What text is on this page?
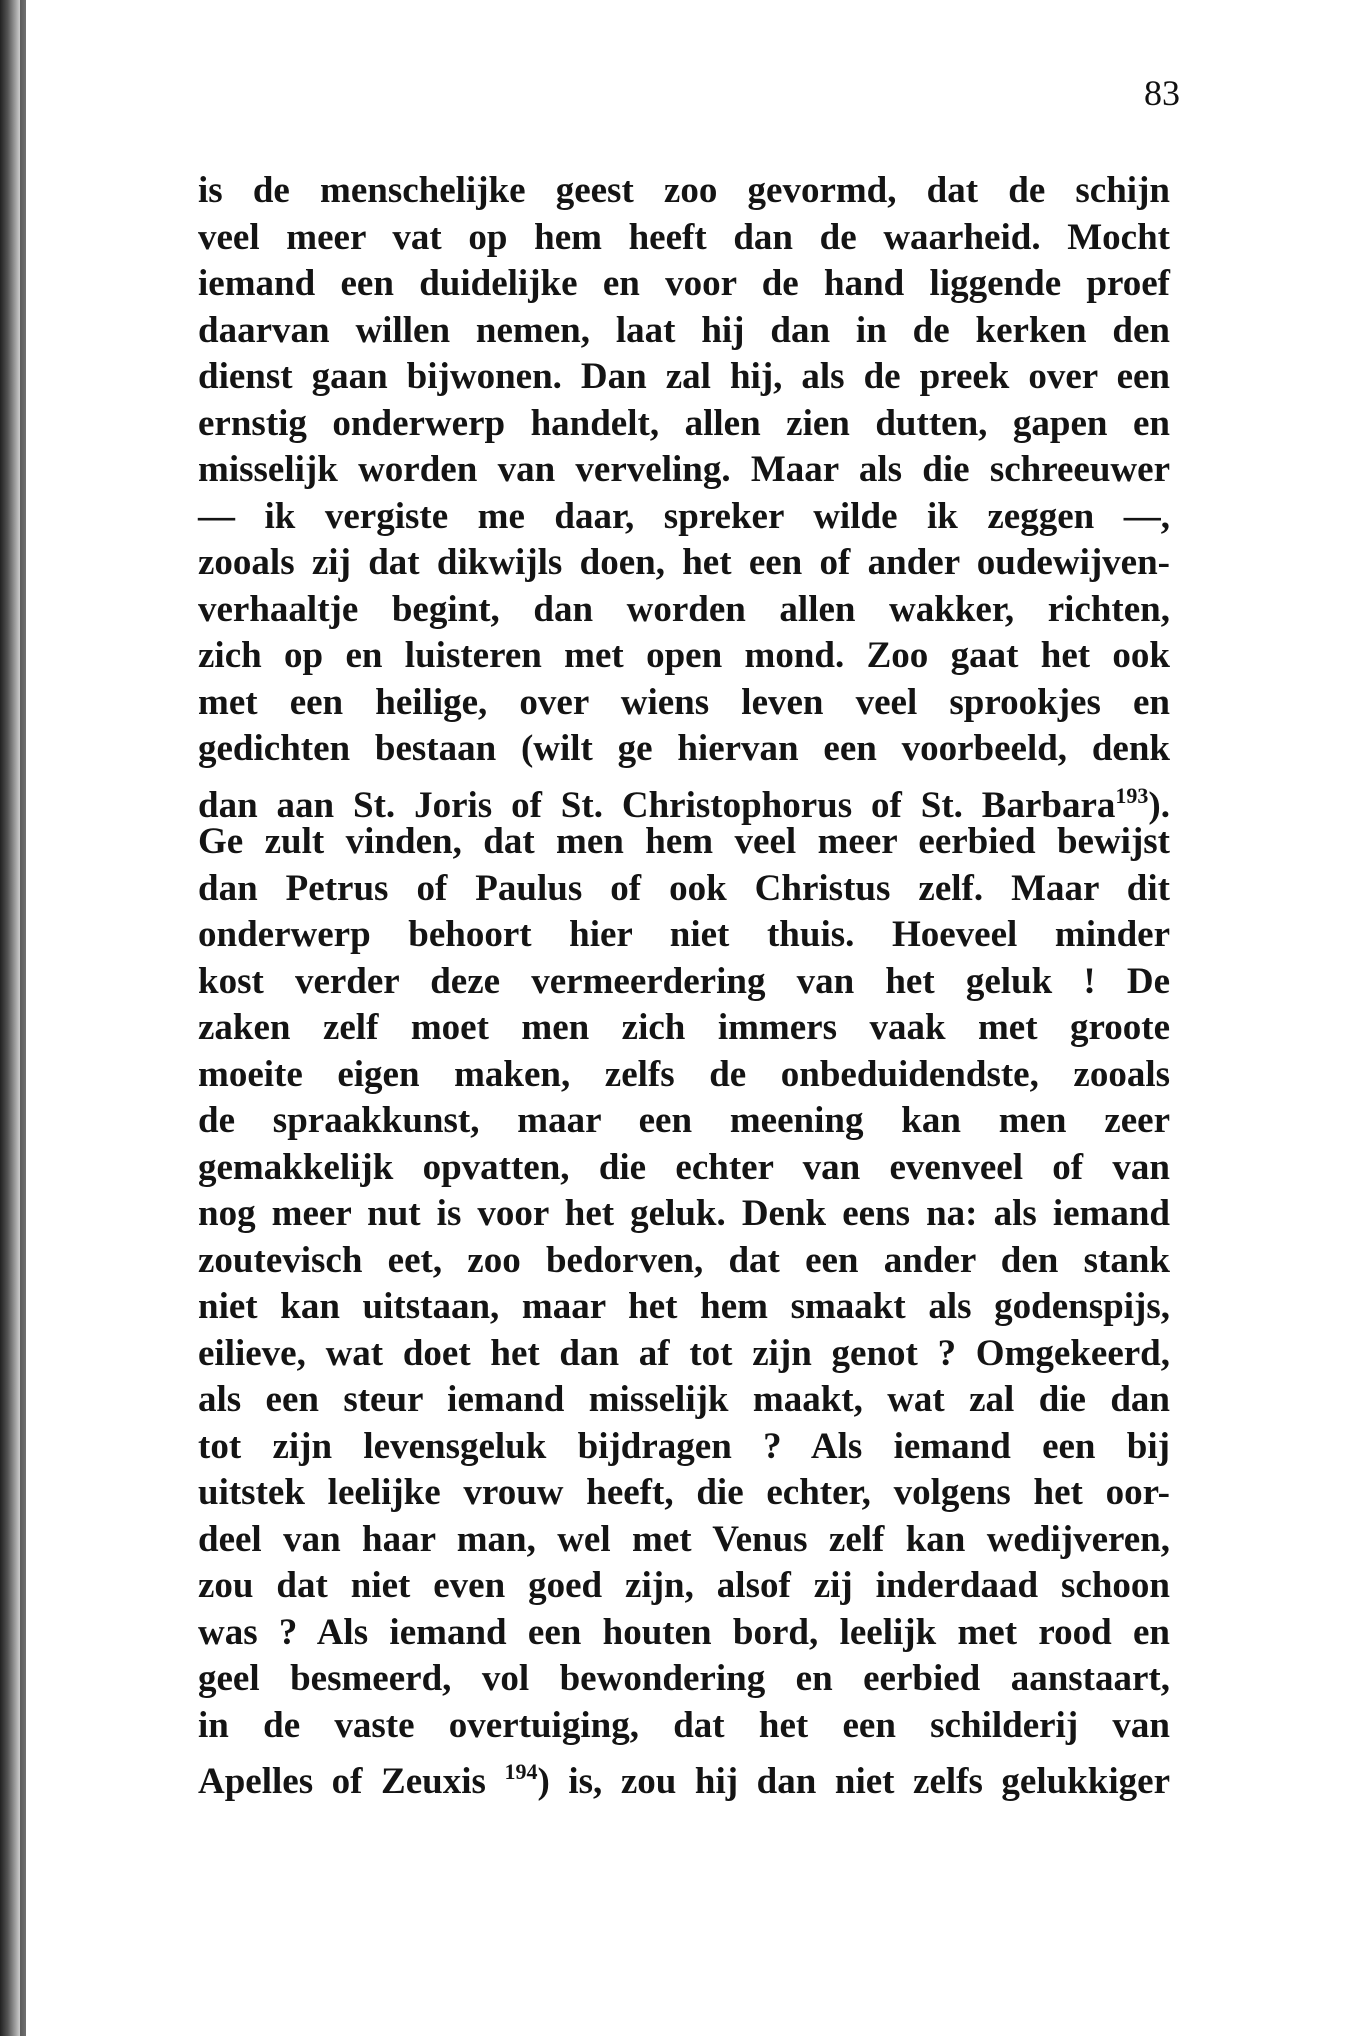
83
is de menschelijke geest zoo gevormd, dat de schijn
veel meer vat op hem heeft dan de waarheid. Mocht
iemand een duidelijke en voor de hand liggende proef
daarvan willen nemen, laat hij dan in de kerken den
dienst gaan bijwonen. Dan zal hij, als de preek over een
ernstig onderwerp handelt, allen zien dutten, gapen en
misselijk worden van verveling. Maar als die schreeuwer
— ik vergiste me daar, spreker wilde ik zeggen —,
zooals zij dat dikwijls doen, het een of ander oudewijven-
verhaaltje begint, dan worden allen wakker, richten,
zich op en luisteren met open mond. Zoo gaat het ook
met een heilige, over wiens leven veel sprookjes en
gedichten bestaan (wilt ge hiervan een voorbeeld, denk
dan aan St. Joris of St. Christophorus of St. Barbara$^{193}$).
Ge zult vinden, dat men hem veel meer eerbied bewijst
dan Petrus of Paulus of ook Christus zelf. Maar dit
onderwerp behoort hier niet thuis. Hoeveel minder
kost verder deze vermeerdering van het geluk ! De
zaken zelf moet men zich immers vaak met groote
moeite eigen maken, zelfs de onbeduidendste, zooals
de spraakkunst, maar een meening kan men zeer
gemakkelijk opvatten, die echter van evenveel of van
nog meer nut is voor het geluk. Denk eens na: als iemand
zoutevisch eet, zoo bedorven, dat een ander den stank
niet kan uitstaan, maar het hem smaakt als godenspijs,
eilieve, wat doet het dan af tot zijn genot ? Omgekeerd,
als een steur iemand misselijk maakt, wat zal die dan
tot zijn levensgeluk bijdragen ? Als iemand een bij
uitstek leelijke vrouw heeft, die echter, volgens het oor-
deel van haar man, wel met Venus zelf kan wedijveren,
zou dat niet even goed zijn, alsof zij inderdaad schoon
was ? Als iemand een houten bord, leelijk met rood en
geel besmeerd, vol bewondering en eerbied aanstaart,
in de vaste overtuiging, dat het een schilderij van
Apelles of Zeuxis $^{194}$) is, zou hij dan niet zelfs gelukkiger
